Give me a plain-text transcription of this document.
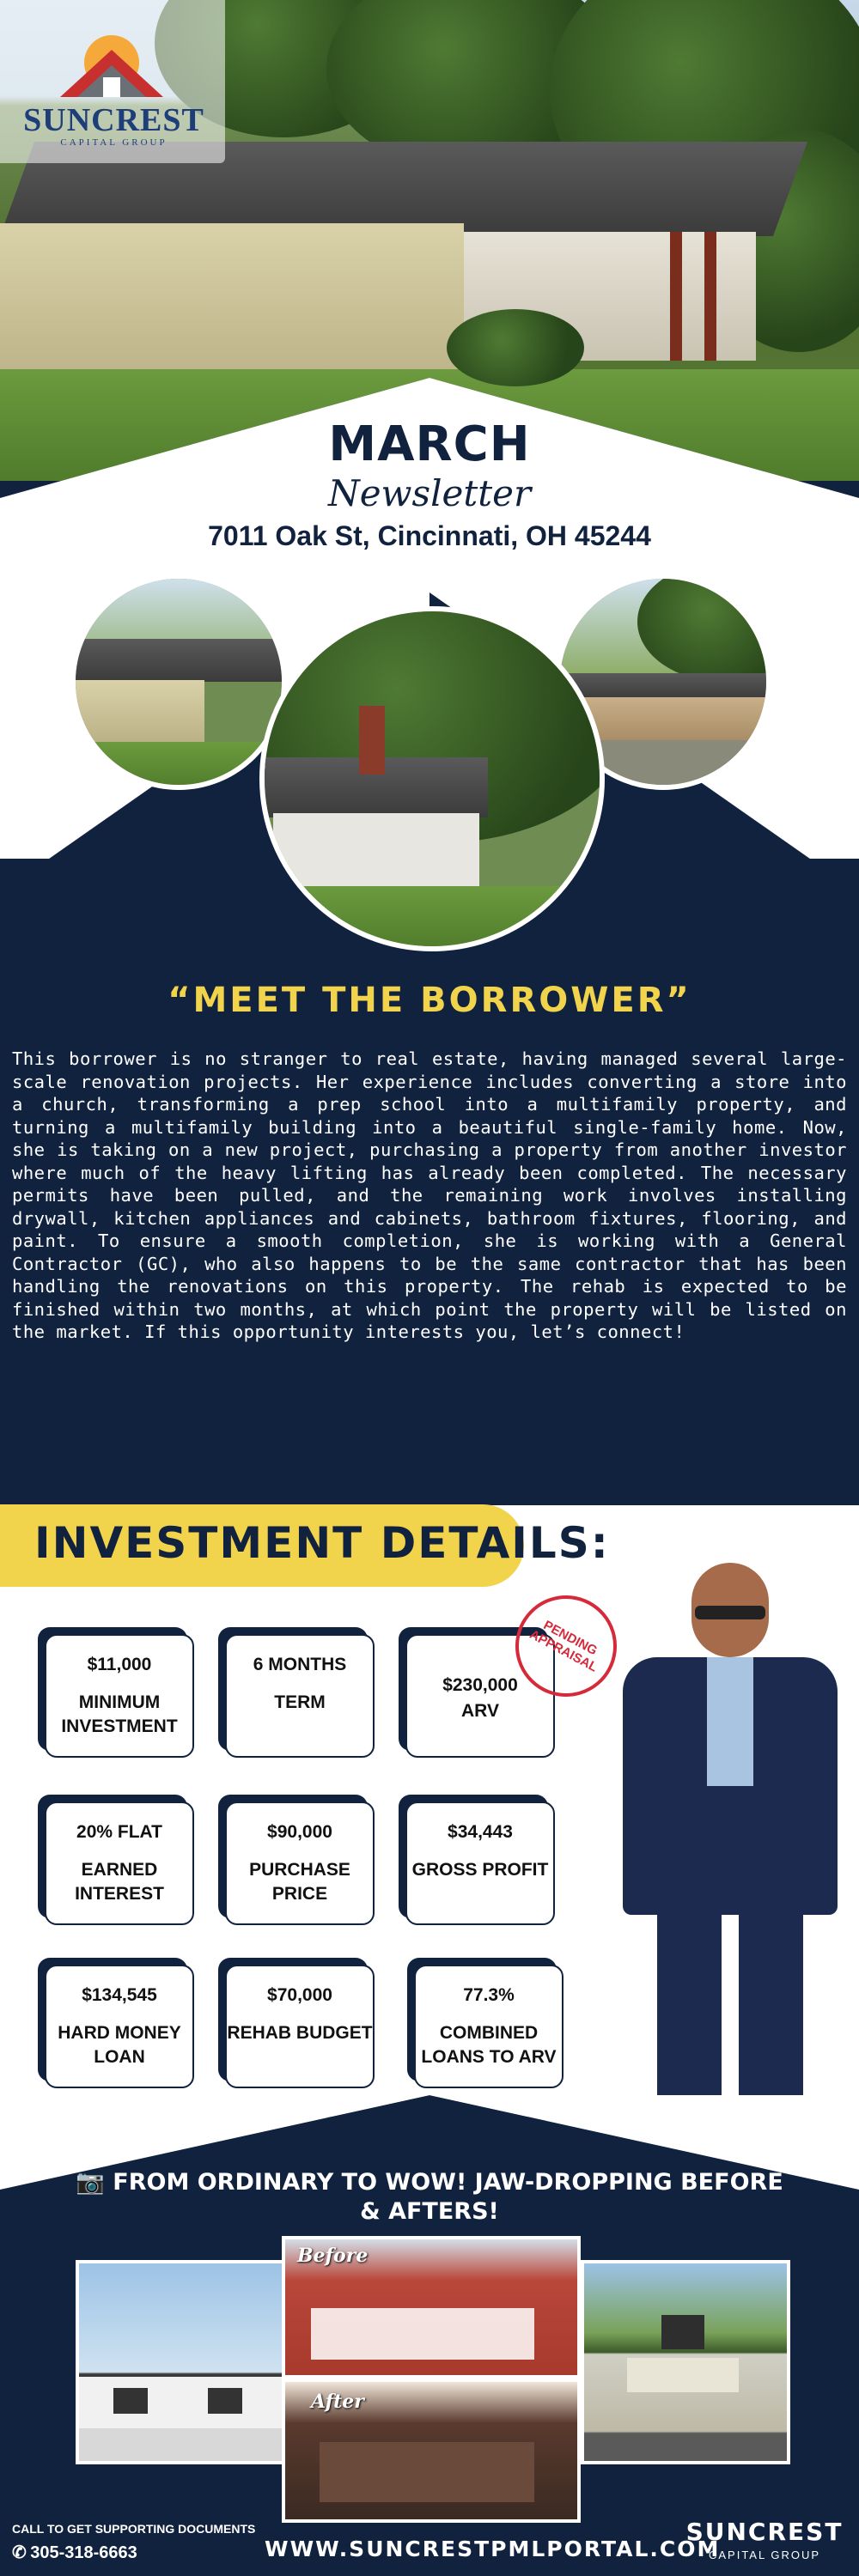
SUNCREST
CAPITAL GROUP
MARCH
Newsletter
7011 Oak St, Cincinnati, OH 45244
“MEET THE BORROWER”
This borrower is no stranger to real estate, having managed several large-scale renovation projects. Her experience includes converting a store into a church, transforming a prep school into a multifamily property, and turning a multifamily building into a beautiful single-family home. Now, she is taking on a new project, purchasing a property from another investor where much of the heavy lifting has already been completed. The necessary permits have been pulled, and the remaining work involves installing drywall, kitchen appliances and cabinets, bathroom fixtures, flooring, and paint. To ensure a smooth completion, she is working with a General Contractor (GC), who also happens to be the same contractor that has been handling the renovations on this property. The rehab is expected to be finished within two months, at which point the property will be listed on the market. If this opportunity interests you, let’s connect!
INVESTMENT DETAILS:
$11,000
MINIMUM INVESTMENT
6 MONTHS
TERM
$230,000
ARV
20% FLAT
EARNED INTEREST
$90,000
PURCHASE PRICE
$34,443
GROSS PROFIT
$134,545
HARD MONEY LOAN
$70,000
REHAB BUDGET
77.3%
COMBINED LOANS TO ARV
PENDING APPRAISAL
📷 FROM ORDINARY TO WOW! JAW-DROPPING BEFORE & AFTERS!
Before
After
CALL TO GET SUPPORTING DOCUMENTS
✆ 305-318-6663	WWW.SUNCRESTPMLPORTAL.COM
SUNCREST
CAPITAL GROUP
